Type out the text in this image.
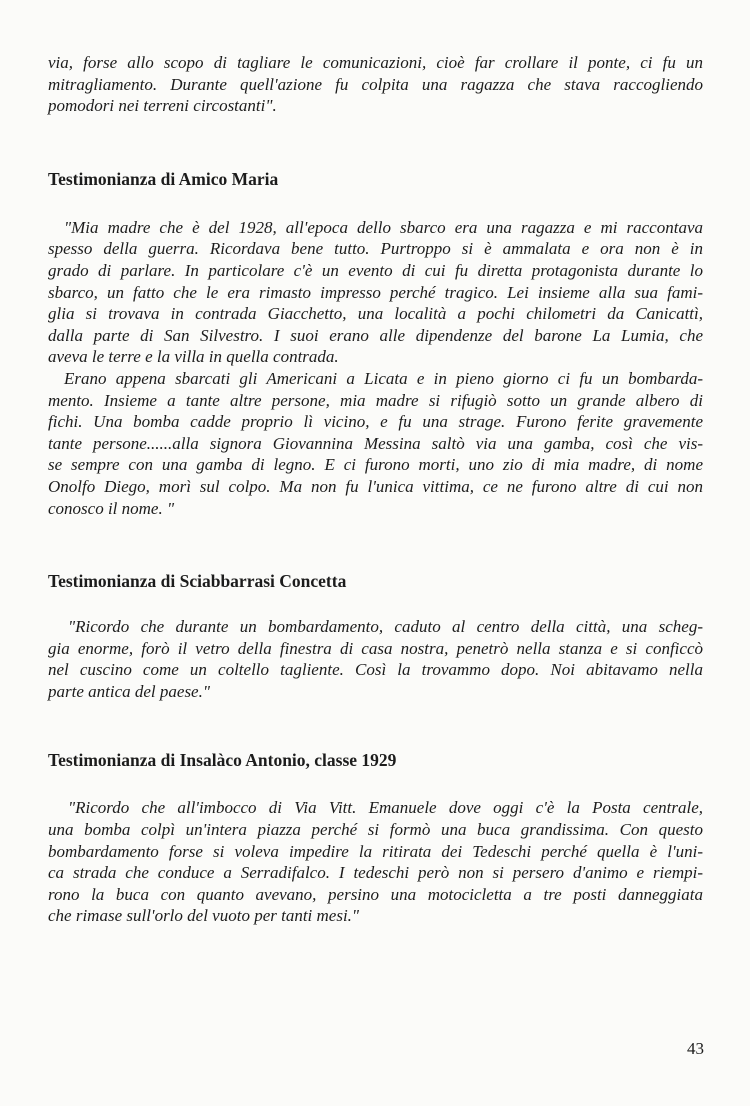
via, forse allo scopo di tagliare le comunicazioni, cioè far crollare il ponte, ci fu un
mitragliamento. Durante quell'azione fu colpita una ragazza che stava raccogliendo
pomodori nei terreni circostanti".
Testimonianza di Amico Maria
"Mia madre che è del 1928, all'epoca dello sbarco era una ragazza e mi raccontava
spesso della guerra. Ricordava bene tutto. Purtroppo si è ammalata e ora non è in
grado di parlare. In particolare c'è un evento di cui fu diretta protagonista durante lo
sbarco, un fatto che le era rimasto impresso perché tragico. Lei insieme alla sua fami-
glia si trovava in contrada Giacchetto, una località a pochi chilometri da Canicattì,
dalla parte di San Silvestro. I suoi erano alle dipendenze del barone La Lumia, che
aveva le terre e la villa in quella contrada.
Erano appena sbarcati gli Americani a Licata e in pieno giorno ci fu un bombarda-
mento. Insieme a tante altre persone, mia madre si rifugiò sotto un grande albero di
fichi. Una bomba cadde proprio lì vicino, e fu una strage. Furono ferite gravemente
tante persone......alla signora Giovannina Messina saltò via una gamba, così che vis-
se sempre con una gamba di legno. E ci furono morti, uno zio di mia madre, di nome
Onolfo Diego, morì sul colpo. Ma non fu l'unica vittima, ce ne furono altre di cui non
conosco il nome. "
Testimonianza di Sciabbarrasi Concetta
"Ricordo che durante un bombardamento, caduto al centro della città, una scheg-
gia enorme, forò il vetro della finestra di casa nostra, penetrò nella stanza e si conficcò
nel cuscino come un coltello tagliente. Così la trovammo dopo. Noi abitavamo nella
parte antica del paese."
Testimonianza di Insalàco Antonio, classe 1929
"Ricordo che all'imbocco di Via Vitt. Emanuele dove oggi c'è la Posta centrale,
una bomba colpì un'intera piazza perché si formò una buca grandissima. Con questo
bombardamento forse si voleva impedire la ritirata dei Tedeschi perché quella è l'uni-
ca strada che conduce a Serradifalco. I tedeschi però non si persero d'animo e riempi-
rono la buca con quanto avevano, persino una motocicletta a tre posti danneggiata
che rimase sull'orlo del vuoto per tanti mesi."
43
